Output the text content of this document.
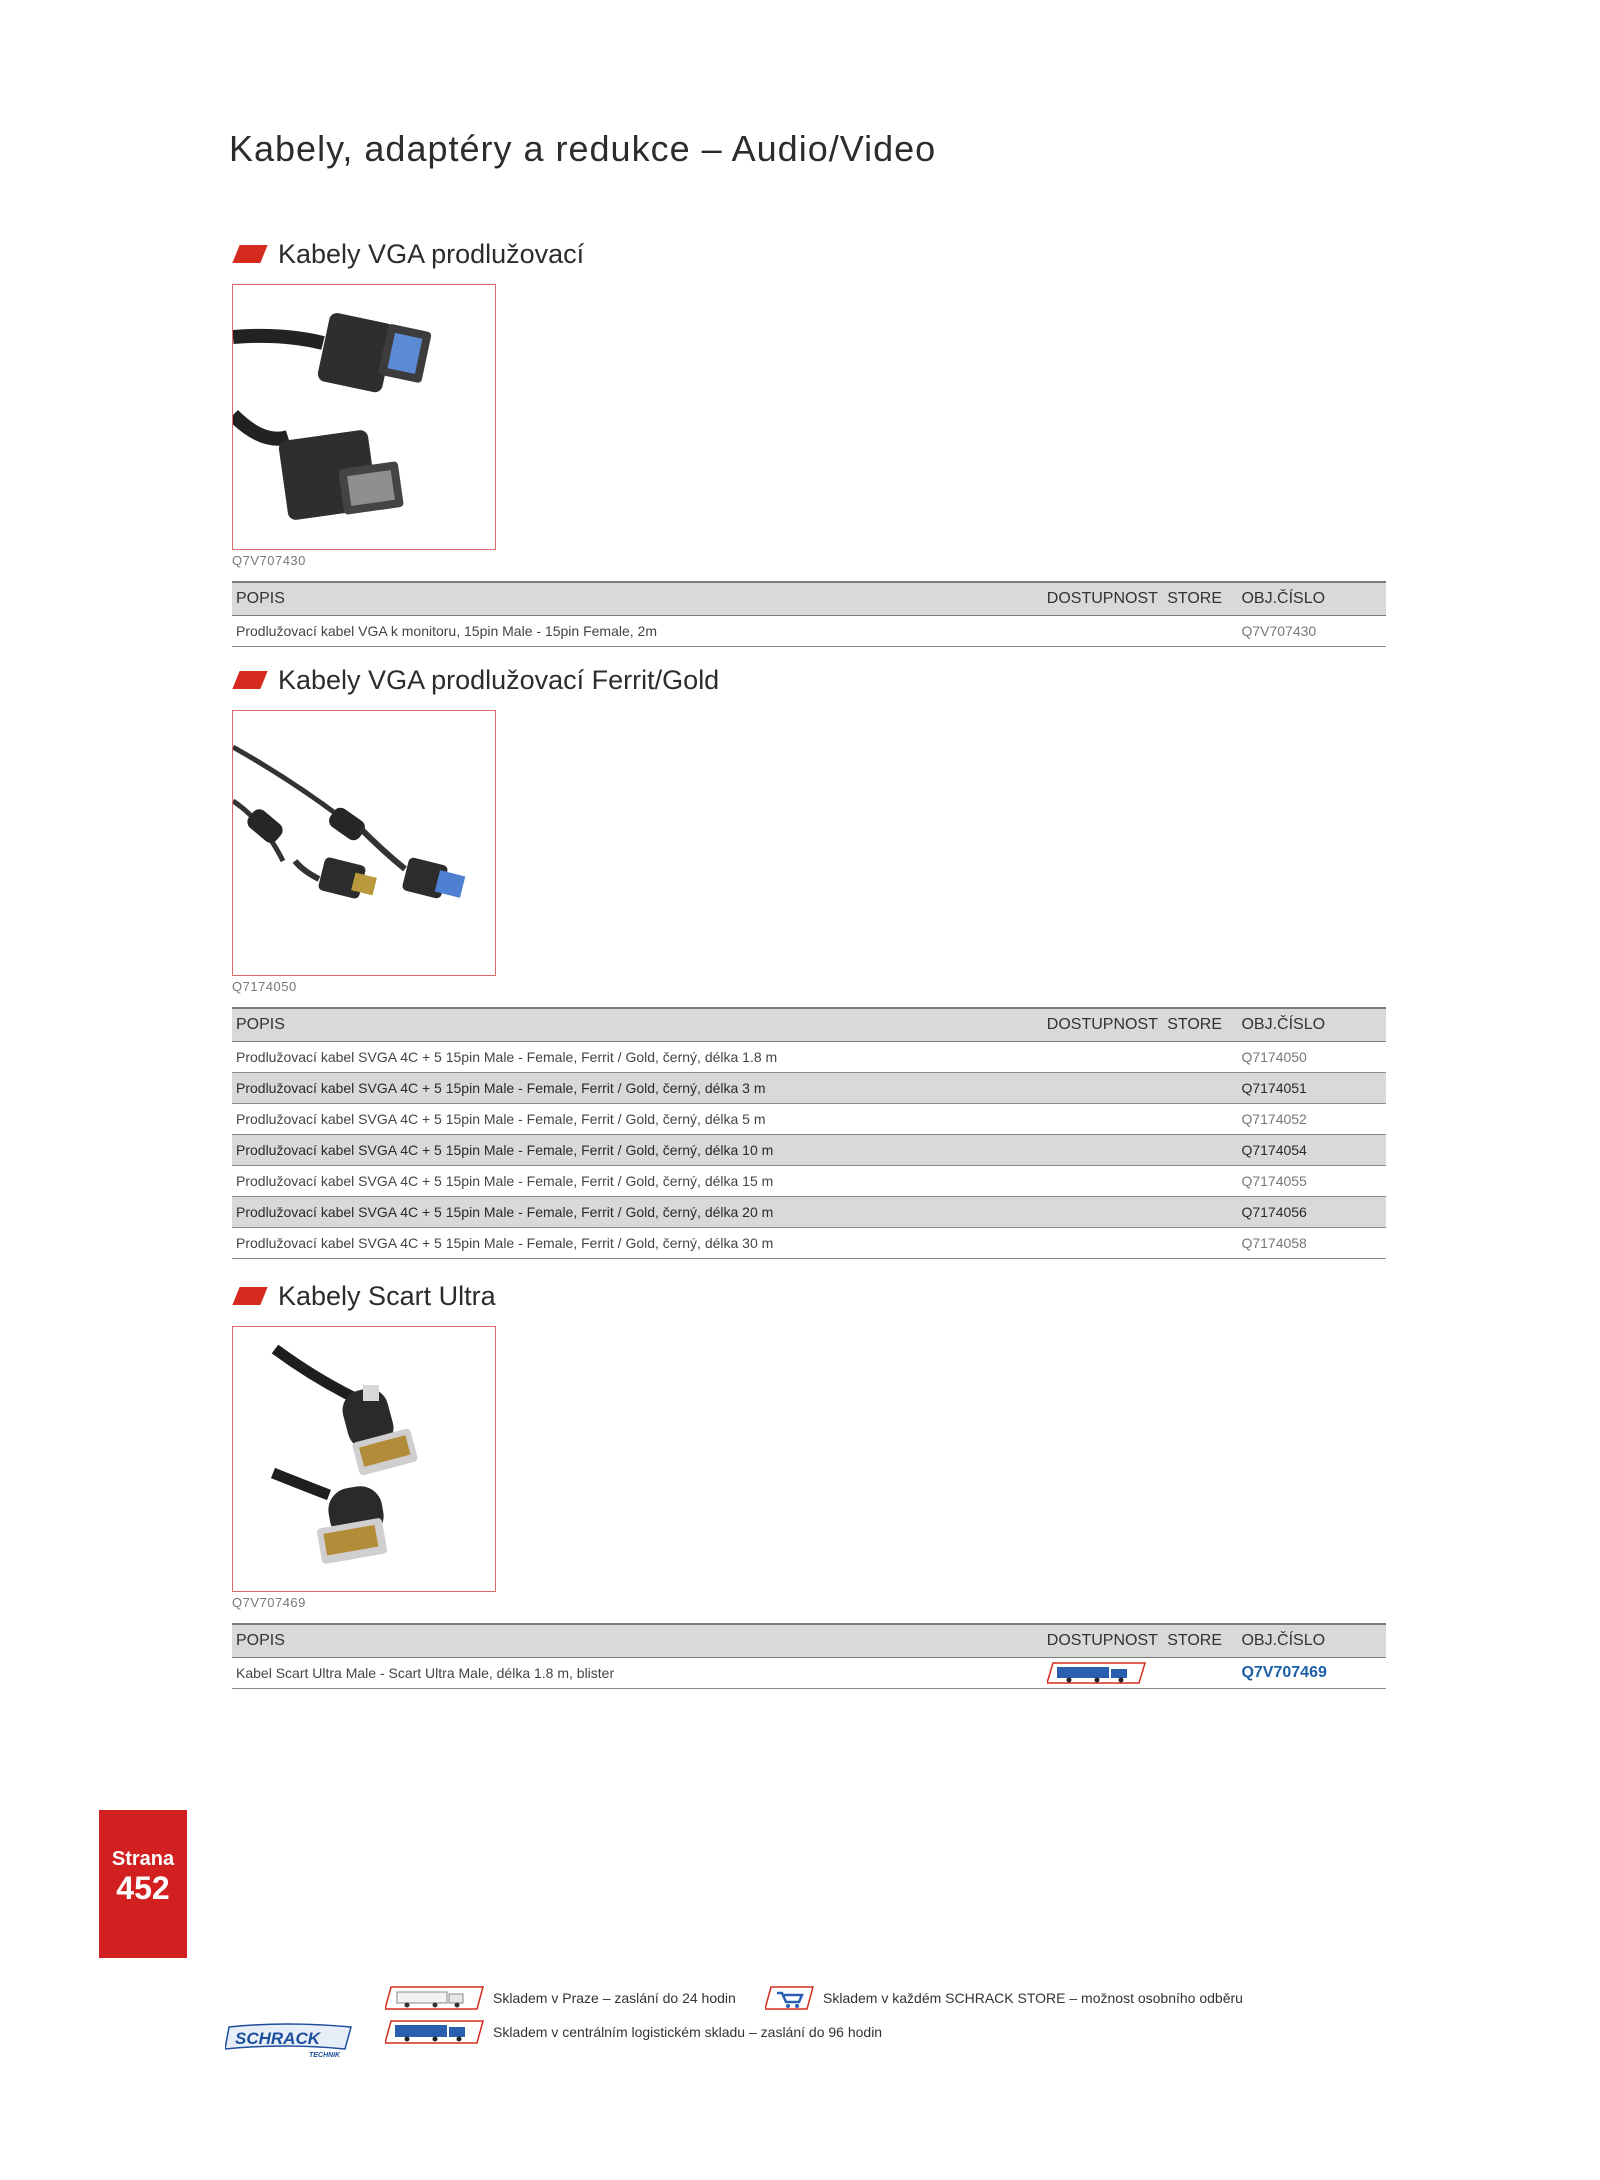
Kabely, adaptéry a redukce – Audio/Video
Kabely VGA prodlužovací
Q7V707430
POPIS	DOSTUPNOST	STORE	OBJ.ČÍSLO
Prodlužovací kabel VGA k monitoru, 15pin Male - 15pin Female, 2m			Q7V707430
Kabely VGA prodlužovací Ferrit/Gold
Q7174050
POPIS	DOSTUPNOST	STORE	OBJ.ČÍSLO
Prodlužovací kabel SVGA 4C + 5 15pin Male - Female, Ferrit / Gold, černý, délka 1.8 m			Q7174050
Prodlužovací kabel SVGA 4C + 5 15pin Male - Female, Ferrit / Gold, černý, délka 3 m			Q7174051
Prodlužovací kabel SVGA 4C + 5 15pin Male - Female, Ferrit / Gold, černý, délka 5 m			Q7174052
Prodlužovací kabel SVGA 4C + 5 15pin Male - Female, Ferrit / Gold, černý, délka 10 m			Q7174054
Prodlužovací kabel SVGA 4C + 5 15pin Male - Female, Ferrit / Gold, černý, délka 15 m			Q7174055
Prodlužovací kabel SVGA 4C + 5 15pin Male - Female, Ferrit / Gold, černý, délka 20 m			Q7174056
Prodlužovací kabel SVGA 4C + 5 15pin Male - Female, Ferrit / Gold, černý, délka 30 m			Q7174058
Kabely Scart Ultra
Q7V707469
POPIS	DOSTUPNOST	STORE	OBJ.ČÍSLO
Kabel Scart Ultra Male - Scart Ultra Male, délka 1.8 m, blister			Q7V707469
Strana
452
Skladem v Praze – zaslání do 24 hodin	Skladem v každém SCHRACK STORE – možnost osobního odběru
Skladem v centrálním logistickém skladu – zaslání do 96 hodin
SCHRACK
TECHNIK
